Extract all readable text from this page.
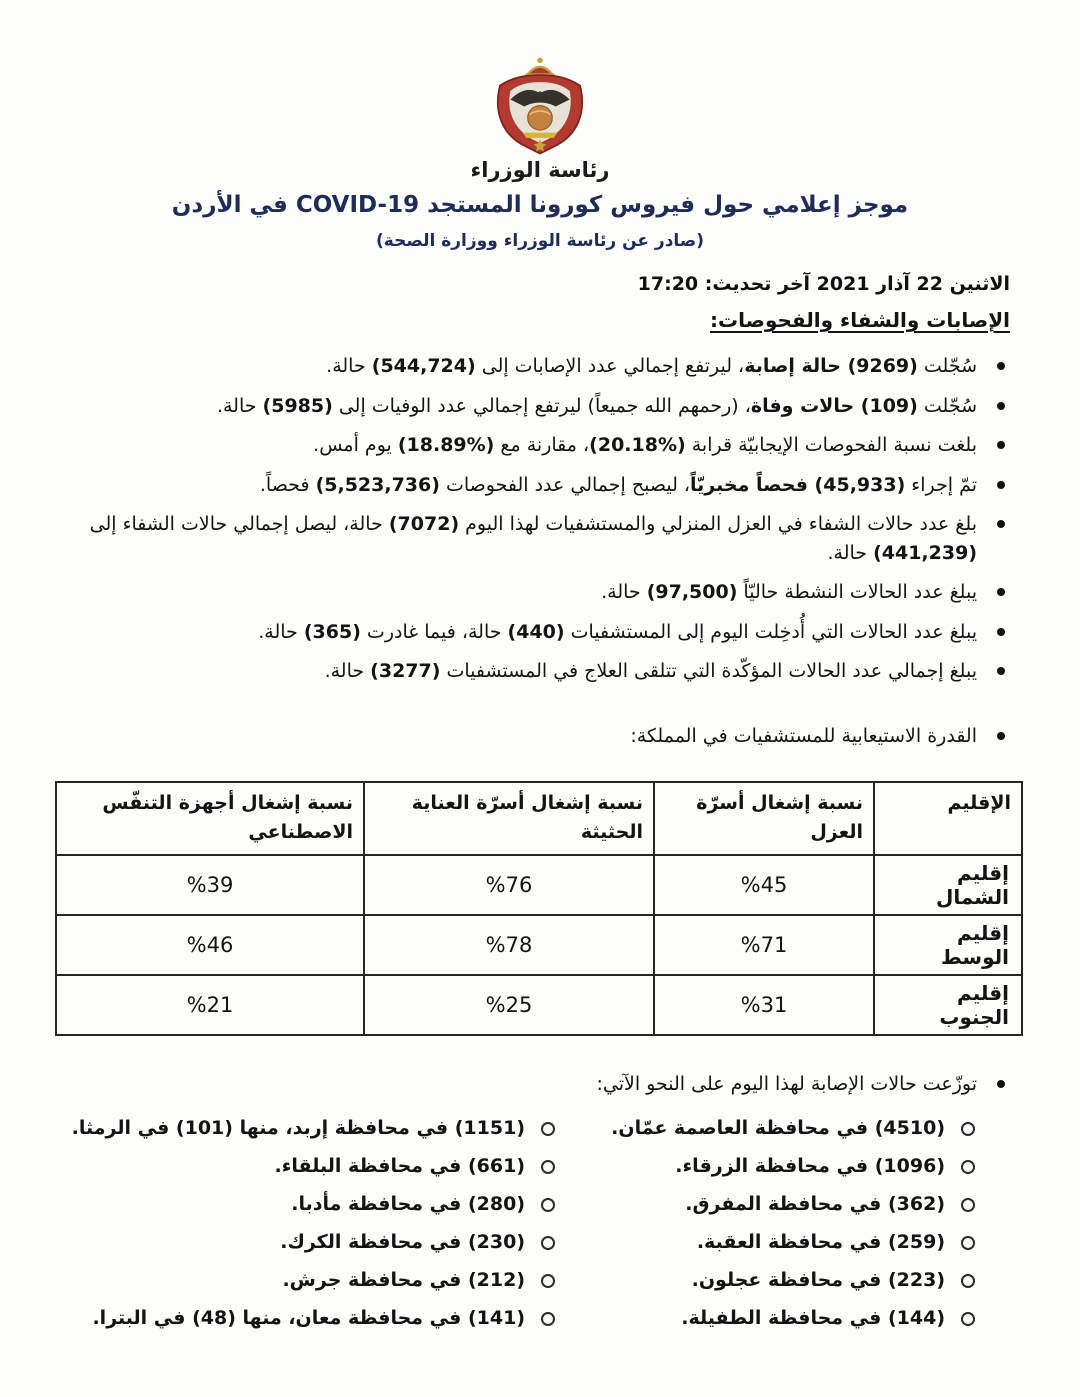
رئاسة الوزراء
موجز إعلامي حول فيروس كورونا المستجد COVID-19 في الأردن
(صادر عن رئاسة الوزراء ووزارة الصحة)
الاثنين 22 آذار 2021 آخر تحديث: 17:20
الإصابات والشفاء والفحوصات:
سُجّلت (9269) حالة إصابة، ليرتفع إجمالي عدد الإصابات إلى (544,724) حالة.
سُجّلت (109) حالات وفاة، (رحمهم الله جميعاً) ليرتفع إجمالي عدد الوفيات إلى (5985) حالة.
بلغت نسبة الفحوصات الإيجابيّة قرابة (%20.18)، مقارنة مع (%18.89) يوم أمس.
تمّ إجراء (45,933) فحصاً مخبريّاً، ليصبح إجمالي عدد الفحوصات (5,523,736) فحصاً.
بلغ عدد حالات الشفاء في العزل المنزلي والمستشفيات لهذا اليوم (7072) حالة، ليصل إجمالي حالات الشفاء إلى (441,239) حالة.
يبلغ عدد الحالات النشطة حاليّاً (97,500) حالة.
يبلغ عدد الحالات التي أُدخِلت اليوم إلى المستشفيات (440) حالة، فيما غادرت (365) حالة.
يبلغ إجمالي عدد الحالات المؤكّدة التي تتلقى العلاج في المستشفيات (3277) حالة.
القدرة الاستيعابية للمستشفيات في المملكة:
الإقليم	نسبة إشغال أسرّة العزل	نسبة إشغال أسرّة العناية الحثيثة	نسبة إشغال أجهزة التنفّس الاصطناعي
إقليم الشمال	%45	%76	%39
إقليم الوسط	%71	%78	%46
إقليم الجنوب	%31	%25	%21
توزّعت حالات الإصابة لهذا اليوم على النحو الآتي:
(4510) في محافظة العاصمة عمّان.
(1096) في محافظة الزرقاء.
(362) في محافظة المفرق.
(259) في محافظة العقبة.
(223) في محافظة عجلون.
(144) في محافظة الطفيلة.
(1151) في محافظة إربد، منها (101) في الرمثا.
(661) في محافظة البلقاء.
(280) في محافظة مأدبا.
(230) في محافظة الكرك.
(212) في محافظة جرش.
(141) في محافظة معان، منها (48) في البترا.
